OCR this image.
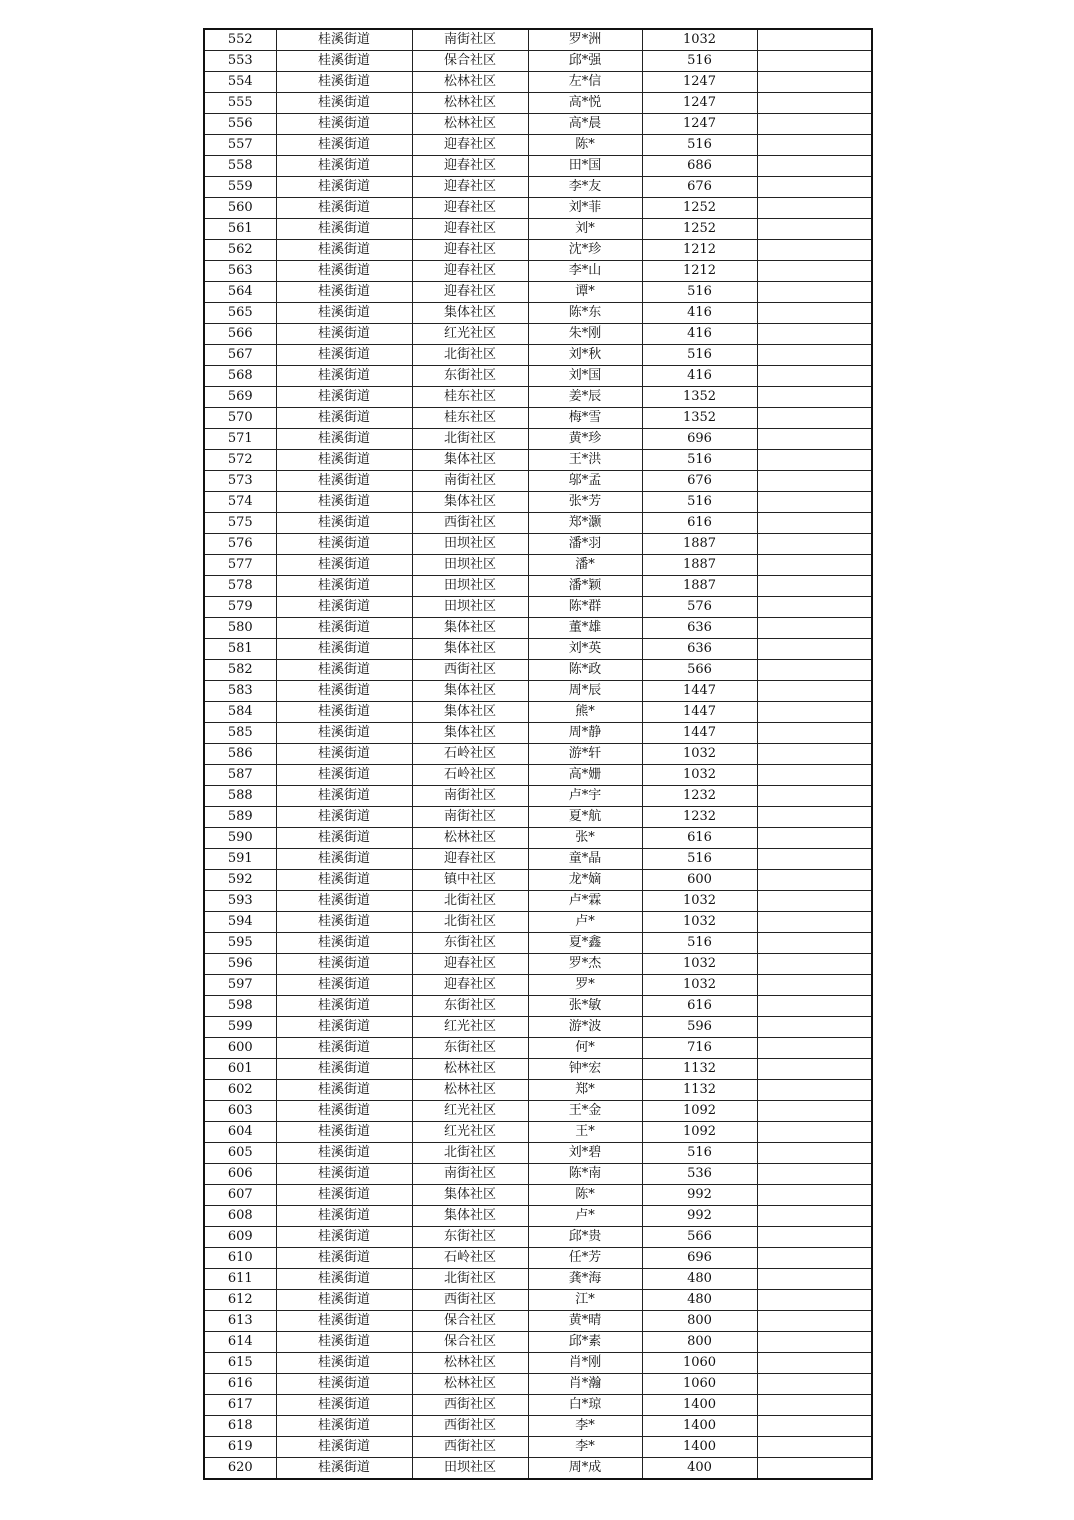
552	桂溪街道	南街社区	罗*洲	1032	
553	桂溪街道	保合社区	邱*强	516	
554	桂溪街道	松林社区	左*信	1247	
555	桂溪街道	松林社区	高*悦	1247	
556	桂溪街道	松林社区	高*晨	1247	
557	桂溪街道	迎春社区	陈*	516	
558	桂溪街道	迎春社区	田*国	686	
559	桂溪街道	迎春社区	李*友	676	
560	桂溪街道	迎春社区	刘*菲	1252	
561	桂溪街道	迎春社区	刘*	1252	
562	桂溪街道	迎春社区	沈*珍	1212	
563	桂溪街道	迎春社区	李*山	1212	
564	桂溪街道	迎春社区	谭*	516	
565	桂溪街道	集体社区	陈*东	416	
566	桂溪街道	红光社区	朱*刚	416	
567	桂溪街道	北街社区	刘*秋	516	
568	桂溪街道	东街社区	刘*国	416	
569	桂溪街道	桂东社区	姜*辰	1352	
570	桂溪街道	桂东社区	梅*雪	1352	
571	桂溪街道	北街社区	黄*珍	696	
572	桂溪街道	集体社区	王*洪	516	
573	桂溪街道	南街社区	邬*孟	676	
574	桂溪街道	集体社区	张*芳	516	
575	桂溪街道	西街社区	郑*灏	616	
576	桂溪街道	田坝社区	潘*羽	1887	
577	桂溪街道	田坝社区	潘*	1887	
578	桂溪街道	田坝社区	潘*颖	1887	
579	桂溪街道	田坝社区	陈*群	576	
580	桂溪街道	集体社区	董*雄	636	
581	桂溪街道	集体社区	刘*英	636	
582	桂溪街道	西街社区	陈*政	566	
583	桂溪街道	集体社区	周*辰	1447	
584	桂溪街道	集体社区	熊*	1447	
585	桂溪街道	集体社区	周*静	1447	
586	桂溪街道	石岭社区	游*轩	1032	
587	桂溪街道	石岭社区	高*姗	1032	
588	桂溪街道	南街社区	卢*宇	1232	
589	桂溪街道	南街社区	夏*航	1232	
590	桂溪街道	松林社区	张*	616	
591	桂溪街道	迎春社区	童*晶	516	
592	桂溪街道	镇中社区	龙*嫡	600	
593	桂溪街道	北街社区	卢*霖	1032	
594	桂溪街道	北街社区	卢*	1032	
595	桂溪街道	东街社区	夏*鑫	516	
596	桂溪街道	迎春社区	罗*杰	1032	
597	桂溪街道	迎春社区	罗*	1032	
598	桂溪街道	东街社区	张*敏	616	
599	桂溪街道	红光社区	游*波	596	
600	桂溪街道	东街社区	何*	716	
601	桂溪街道	松林社区	钟*宏	1132	
602	桂溪街道	松林社区	郑*	1132	
603	桂溪街道	红光社区	王*金	1092	
604	桂溪街道	红光社区	王*	1092	
605	桂溪街道	北街社区	刘*碧	516	
606	桂溪街道	南街社区	陈*南	536	
607	桂溪街道	集体社区	陈*	992	
608	桂溪街道	集体社区	卢*	992	
609	桂溪街道	东街社区	邱*贵	566	
610	桂溪街道	石岭社区	任*芳	696	
611	桂溪街道	北街社区	龚*海	480	
612	桂溪街道	西街社区	江*	480	
613	桂溪街道	保合社区	黄*晴	800	
614	桂溪街道	保合社区	邱*素	800	
615	桂溪街道	松林社区	肖*刚	1060	
616	桂溪街道	松林社区	肖*瀚	1060	
617	桂溪街道	西街社区	白*琼	1400	
618	桂溪街道	西街社区	李*	1400	
619	桂溪街道	西街社区	李*	1400	
620	桂溪街道	田坝社区	周*成	400	
